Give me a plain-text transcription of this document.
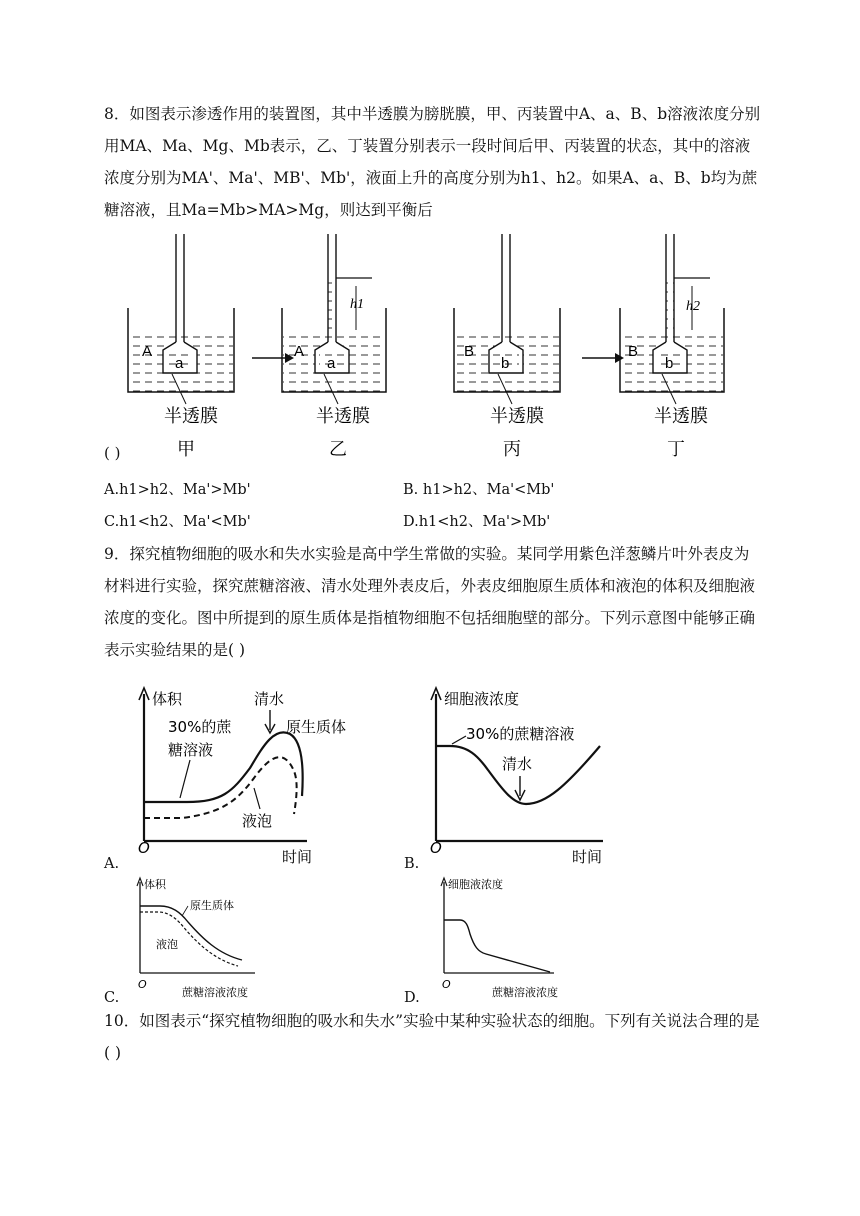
8．如图表示渗透作用的装置图，其中半透膜为膀胱膜，甲、丙装置中A、a、B、b溶液浓度分别用MA、Ma、Mg、Mb表示，乙、丁装置分别表示一段时间后甲、丙装置的状态，其中的溶液浓度分别为MA'、Ma'、MB'、Mb'，液面上升的高度分别为h1、h2。如果A、a、B、b均为蔗糖溶液，且Ma=Mb>MA>Mg，则达到平衡后
A
a
半透膜
甲
h1
A
a
半透膜
乙
B
b
半透膜
丙
h2
B
b
半透膜
丁
( )
A.h1>h2、Ma'>Mb'	B. h1>h2、Ma'<Mb'
C.h1<h2、Ma'<Mb'	D.h1<h2、Ma'>Mb'
9．探究植物细胞的吸水和失水实验是高中学生常做的实验。某同学用紫色洋葱鳞片叶外表皮为材料进行实验，探究蔗糖溶液、清水处理外表皮后，外表皮细胞原生质体和液泡的体积及细胞液浓度的变化。图中所提到的原生质体是指植物细胞不包括细胞壁的部分。下列示意图中能够正确表示实验结果的是( )
体积
时间
O
清水
30%的蔗
糖溶液
原生质体
液泡
A.
细胞液浓度
时间
O
30%的蔗糖溶液
清水
B.
体积
蔗糖溶液浓度
O
原生质体
液泡
C.
细胞液浓度
蔗糖溶液浓度
O
D.
10．如图表示“探究植物细胞的吸水和失水”实验中某种实验状态的细胞。下列有关说法合理的是( )
